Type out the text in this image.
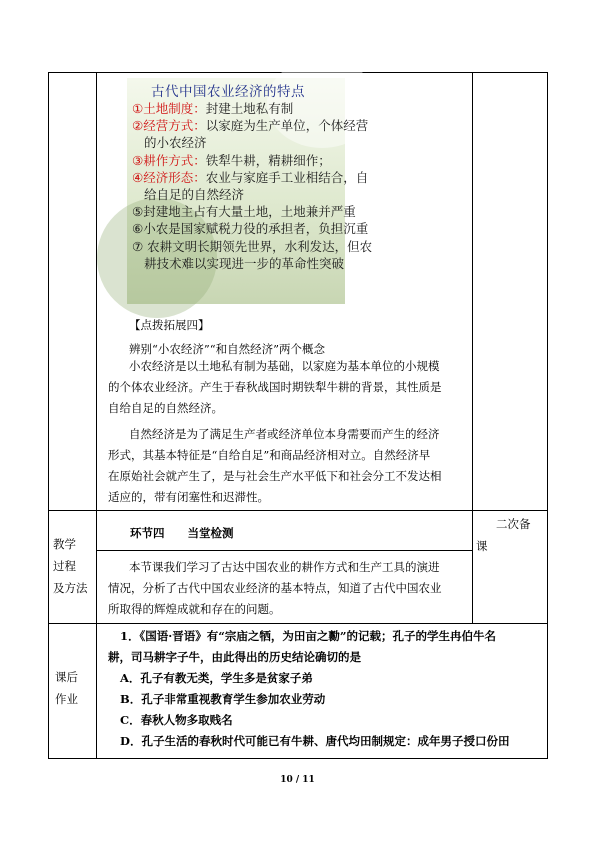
古代中国农业经济的特点
①土地制度：封建土地私有制
②经营方式：以家庭为生产单位，个体经营
的小农经济
③耕作方式：铁犁牛耕，精耕细作；
④经济形态：农业与家庭手工业相结合，自
给自足的自然经济
⑤封建地主占有大量土地，土地兼并严重
⑥小农是国家赋税力役的承担者，负担沉重
⑦ 农耕文明长期领先世界，水利发达，但农
耕技术难以实现进一步的革命性突破
【点拨拓展四】
辨别“小农经济”“和自然经济”两个概念
小农经济是以土地私有制为基础，以家庭为基本单位的小规模
的个体农业经济。产生于春秋战国时期铁犁牛耕的背景，其性质是
自给自足的自然经济。
自然经济是为了满足生产者或经济单位本身需要而产生的经济
形式，其基本特征是“自给自足”和商品经济相对立。自然经济早
在原始社会就产生了，是与社会生产水平低下和社会分工不发达相
适应的，带有闭塞性和迟滞性。
教学
过程
及方法
环节四　　当堂检测
二次备
课
本节课我们学习了古达中国农业的耕作方式和生产工具的演进
情况，分析了古代中国农业经济的基本特点，知道了古代中国农业
所取得的辉煌成就和存在的问题。
课后
作业
1．《国语·晋语》有“宗庙之牺，为田亩之勷”的记载；孔子的学生冉伯牛名
耕，司马耕字子牛，由此得出的历史结论确切的是
A．孔子有教无类，学生多是贫家子弟
B．孔子非常重视教育学生参加农业劳动
C．春秋人物多取贱名
D．孔子生活的春秋时代可能已有牛耕、唐代均田制规定：成年男子授口份田
10 / 11
